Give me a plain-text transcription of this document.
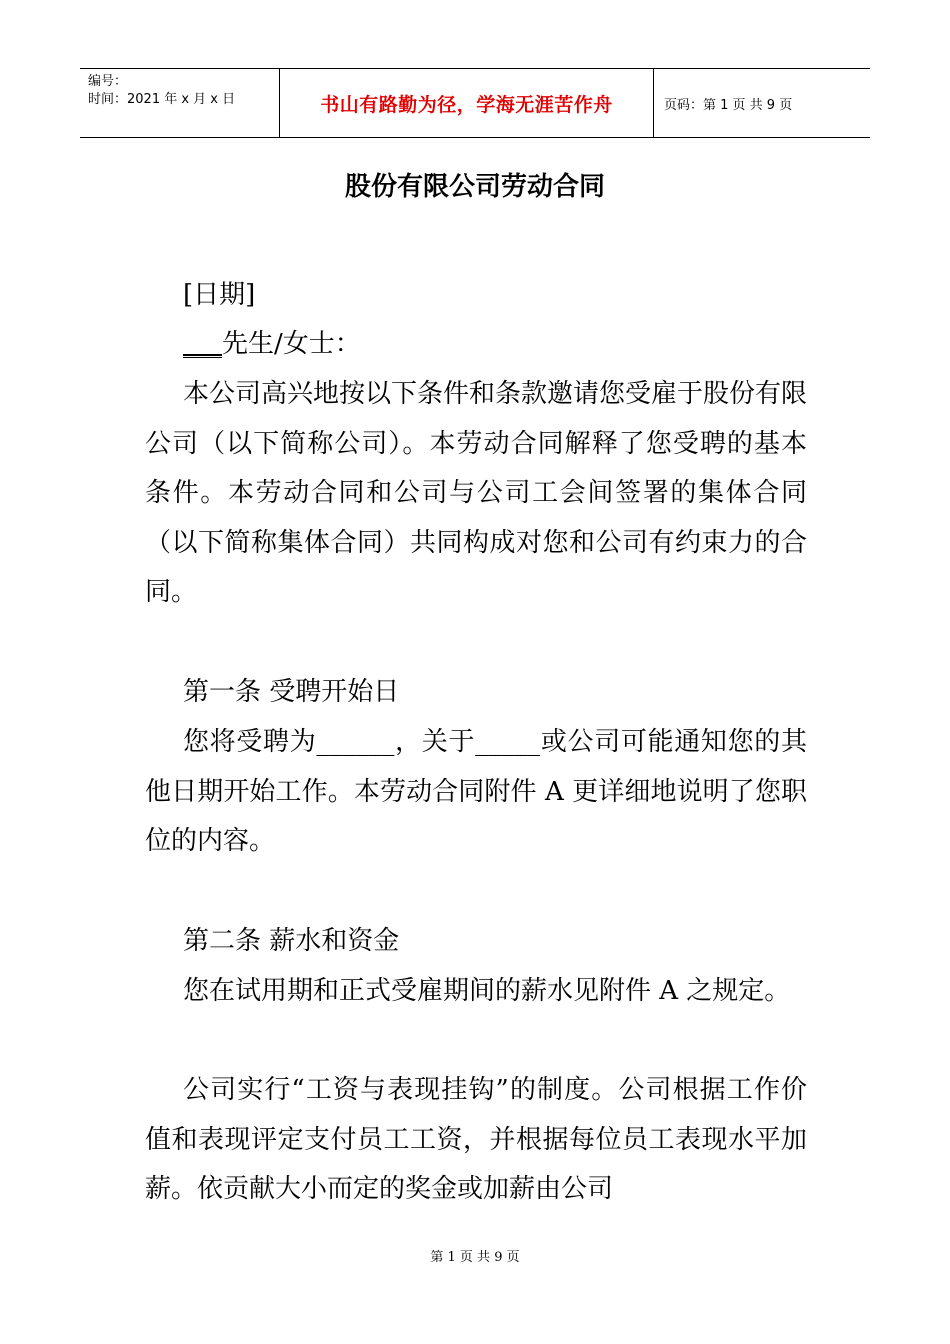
编号：
时间：2021 年 x 月 x 日	书山有路勤为径，学海无涯苦作舟	页码：第 1 页 共 9 页
股份有限公司劳动合同
[日期]
___先生/女士：
本公司高兴地按以下条件和条款邀请您受雇于股份有限公司（以下简称公司）。本劳动合同解释了您受聘的基本条件。本劳动合同和公司与公司工会间签署的集体合同（以下简称集体合同）共同构成对您和公司有约束力的合同。
第一条 受聘开始日
您将受聘为______，关于_____或公司可能通知您的其他日期开始工作。本劳动合同附件 A 更详细地说明了您职位的内容。
第二条 薪水和资金
您在试用期和正式受雇期间的薪水见附件 A 之规定。
公司实行“工资与表现挂钩”的制度。公司根据工作价值和表现评定支付员工工资，并根据每位员工表现水平加薪。依贡献大小而定的奖金或加薪由公司
第 1 页 共 9 页
